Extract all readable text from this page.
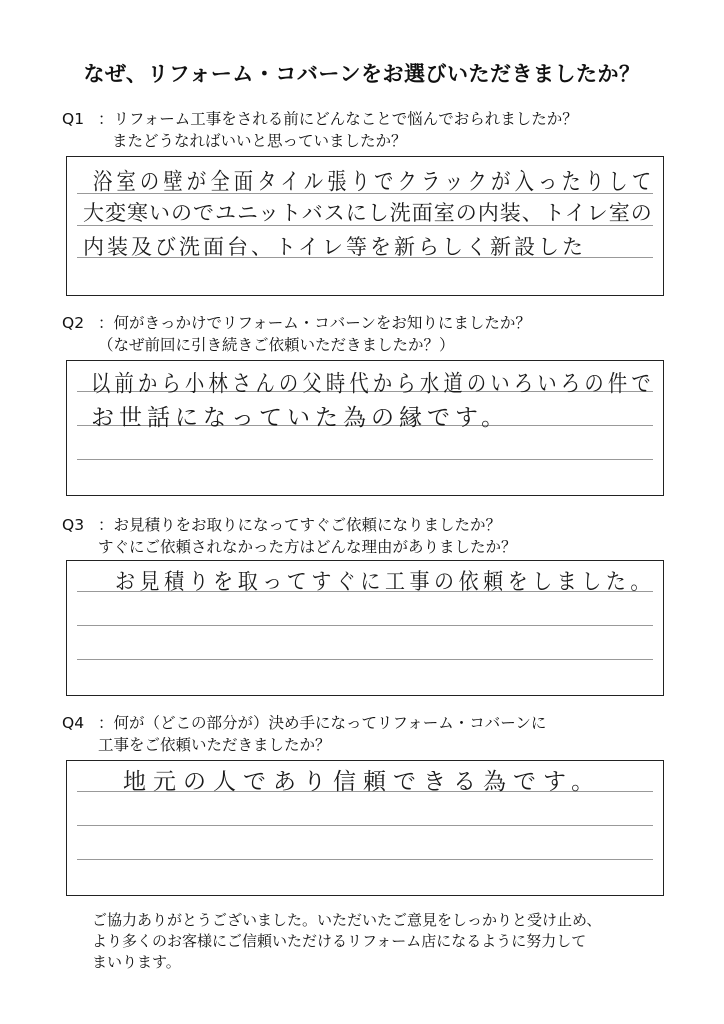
なぜ、リフォーム・コバーンをお選びいただきましたか？
Q1 ：リフォーム工事をされる前にどんなことで悩んでおられましたか？
またどうなればいいと思っていましたか？
浴室の壁が全面タイル張りでクラックが入ったりして
大変寒いのでユニットバスにし洗面室の内装、トイレ室の
内装及び洗面台、トイレ等を新らしく新設した
Q2 ：何がきっかけでリフォーム・コバーンをお知りにましたか？
（なぜ前回に引き続きご依頼いただきましたか？）
以前から小林さんの父時代から水道のいろいろの件で
お世話になっていた為の縁です。
Q3 ：お見積りをお取りになってすぐご依頼になりましたか？
すぐにご依頼されなかった方はどんな理由がありましたか？
お見積りを取ってすぐに工事の依頼をしました。
Q4 ：何が（どこの部分が）決め手になってリフォーム・コバーンに
工事をご依頼いただきましたか？
地元の人であり信頼できる為です。
ご協力ありがとうございました。いただいたご意見をしっかりと受け止め、
より多くのお客様にご信頼いただけるリフォーム店になるように努力して
まいります。
